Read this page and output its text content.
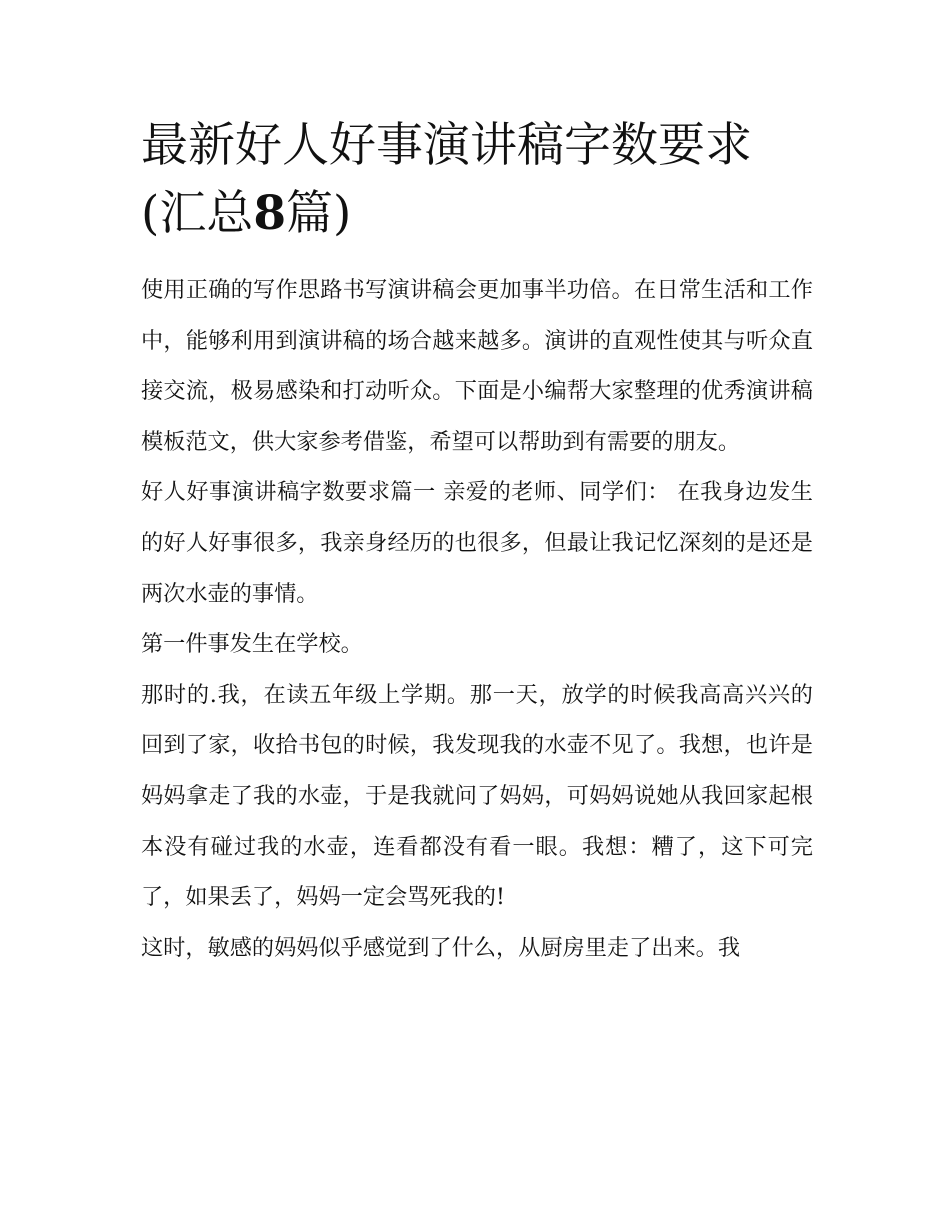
最新好人好事演讲稿字数要求
(汇总8篇)

使用正确的写作思路书写演讲稿会更加事半功倍。在日常生活和工作中，能够利用到演讲稿的场合越来越多。演讲的直观性使其与听众直接交流，极易感染和打动听众。下面是小编帮大家整理的优秀演讲稿模板范文，供大家参考借鉴，希望可以帮助到有需要的朋友。

好人好事演讲稿字数要求篇一 亲爱的老师、同学们： 在我身边发生的好人好事很多，我亲身经历的也很多，但最让我记忆深刻的是还是两次水壶的事情。

第一件事发生在学校。

那时的.我，在读五年级上学期。那一天，放学的时候我高高兴兴的回到了家，收拾书包的时候，我发现我的水壶不见了。我想，也许是妈妈拿走了我的水壶，于是我就问了妈妈，可妈妈说她从我回家起根本没有碰过我的水壶，连看都没有看一眼。我想：糟了，这下可完了，如果丢了，妈妈一定会骂死我的!

这时，敏感的妈妈似乎感觉到了什么，从厨房里走了出来。我
